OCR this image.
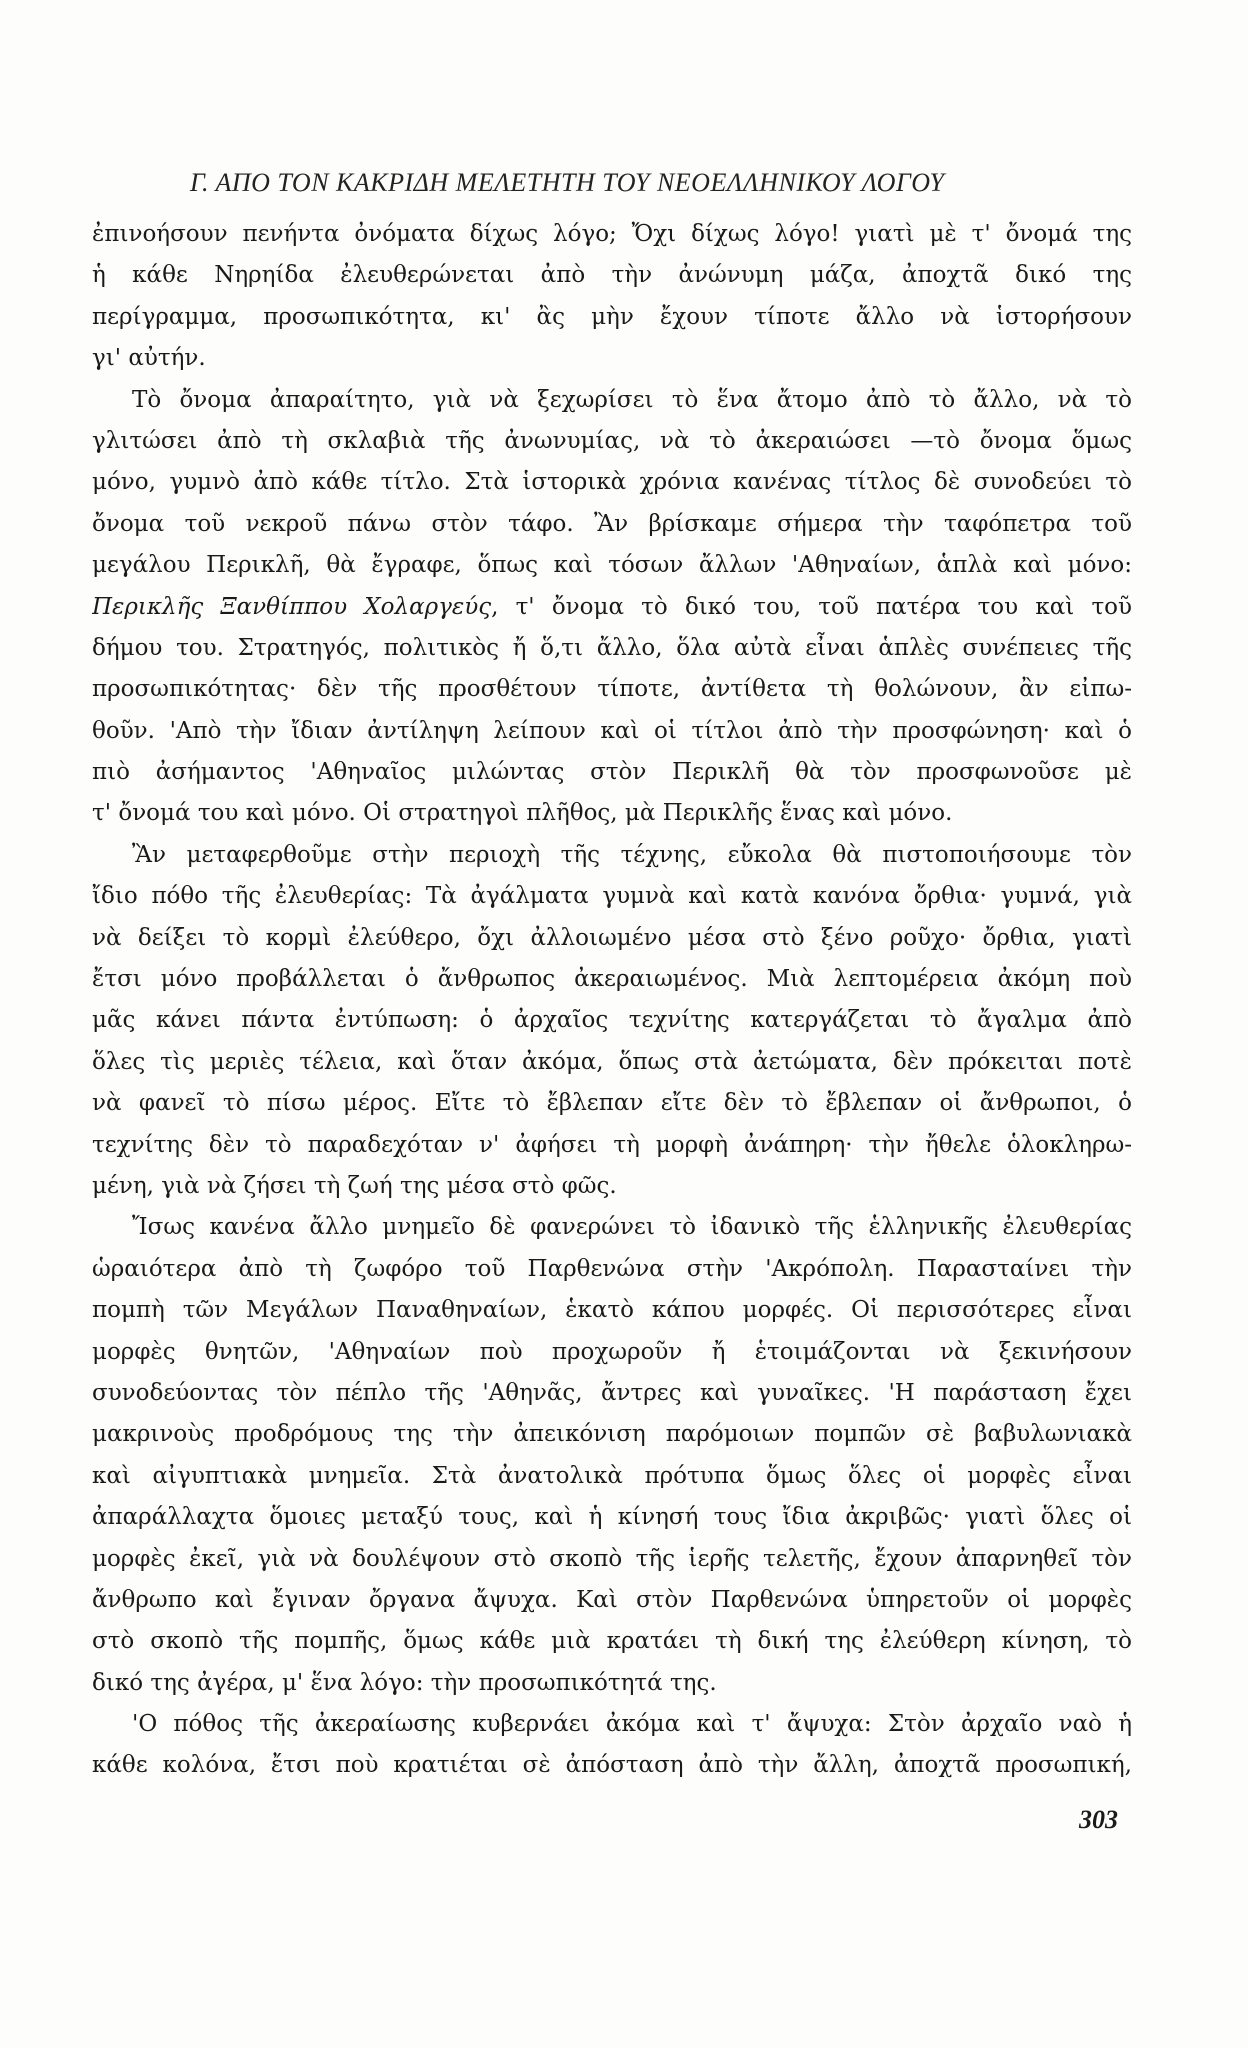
Γ. ΑΠΟ ΤΟΝ ΚΑΚΡΙΔΗ ΜΕΛΕΤΗΤΗ ΤΟΥ ΝΕΟΕΛΛΗΝΙΚΟΥ ΛΟΓΟΥ
ἐπινοήσουν πενήντα ὀνόματα δίχως λόγο; Ὄχι δίχως λόγο! γιατὶ μὲ τ' ὄνομά της
ἡ κάθε Νηρηίδα ἐλευθερώνεται ἀπὸ τὴν ἀνώνυμη μάζα, ἀποχτᾶ δικό της
περίγραμμα, προσωπικότητα, κι' ἂς μὴν ἔχουν τίποτε ἄλλο νὰ ἱστορήσουν
γι' αὐτήν.
Τὸ ὄνομα ἀπαραίτητο, γιὰ νὰ ξεχωρίσει τὸ ἕνα ἄτομο ἀπὸ τὸ ἄλλο, νὰ τὸ
γλιτώσει ἀπὸ τὴ σκλαβιὰ τῆς ἀνωνυμίας, νὰ τὸ ἀκεραιώσει —τὸ ὄνομα ὅμως
μόνο, γυμνὸ ἀπὸ κάθε τίτλο. Στὰ ἱστορικὰ χρόνια κανένας τίτλος δὲ συνοδεύει τὸ
ὄνομα τοῦ νεκροῦ πάνω στὸν τάφο. Ἂν βρίσκαμε σήμερα τὴν ταφόπετρα τοῦ
μεγάλου Περικλῆ, θὰ ἔγραφε, ὅπως καὶ τόσων ἄλλων 'Αθηναίων, ἁπλὰ καὶ μόνο:
Περικλῆς Ξανθίππου Χολαργεύς, τ' ὄνομα τὸ δικό του, τοῦ πατέρα του καὶ τοῦ
δήμου του. Στρατηγός, πολιτικὸς ἤ ὅ,τι ἄλλο, ὅλα αὐτὰ εἶναι ἁπλὲς συνέπειες τῆς
προσωπικότητας· δὲν τῆς προσθέτουν τίποτε, ἀντίθετα τὴ θολώνουν, ἂν εἰπω-
θοῦν. 'Απὸ τὴν ἴδιαν ἀντίληψη λείπουν καὶ οἱ τίτλοι ἀπὸ τὴν προσφώνηση· καὶ ὁ
πιὸ ἀσήμαντος 'Αθηναῖος μιλώντας στὸν Περικλῆ θὰ τὸν προσφωνοῦσε μὲ
τ' ὄνομά του καὶ μόνο. Οἱ στρατηγοὶ πλῆθος, μὰ Περικλῆς ἕνας καὶ μόνο.
Ἂν μεταφερθοῦμε στὴν περιοχὴ τῆς τέχνης, εὔκολα θὰ πιστοποιήσουμε τὸν
ἴδιο πόθο τῆς ἐλευθερίας: Τὰ ἀγάλματα γυμνὰ καὶ κατὰ κανόνα ὄρθια· γυμνά, γιὰ
νὰ δείξει τὸ κορμὶ ἐλεύθερο, ὄχι ἀλλοιωμένο μέσα στὸ ξένο ροῦχο· ὄρθια, γιατὶ
ἔτσι μόνο προβάλλεται ὁ ἄνθρωπος ἀκεραιωμένος. Μιὰ λεπτομέρεια ἀκόμη ποὺ
μᾶς κάνει πάντα ἐντύπωση: ὁ ἀρχαῖος τεχνίτης κατεργάζεται τὸ ἄγαλμα ἀπὸ
ὅλες τὶς μεριὲς τέλεια, καὶ ὅταν ἀκόμα, ὅπως στὰ ἀετώματα, δὲν πρόκειται ποτὲ
νὰ φανεῖ τὸ πίσω μέρος. Εἴτε τὸ ἔβλεπαν εἴτε δὲν τὸ ἔβλεπαν οἱ ἄνθρωποι, ὁ
τεχνίτης δὲν τὸ παραδεχόταν ν' ἀφήσει τὴ μορφὴ ἀνάπηρη· τὴν ἤθελε ὁλοκληρω-
μένη, γιὰ νὰ ζήσει τὴ ζωή της μέσα στὸ φῶς.
Ἴσως κανένα ἄλλο μνημεῖο δὲ φανερώνει τὸ ἰδανικὸ τῆς ἑλληνικῆς ἐλευθερίας
ὡραιότερα ἀπὸ τὴ ζωφόρο τοῦ Παρθενώνα στὴν 'Ακρόπολη. Παρασταίνει τὴν
πομπὴ τῶν Μεγάλων Παναθηναίων, ἑκατὸ κάπου μορφές. Οἱ περισσότερες εἶναι
μορφὲς θνητῶν, 'Αθηναίων ποὺ προχωροῦν ἤ ἑτοιμάζονται νὰ ξεκινήσουν
συνοδεύοντας τὸν πέπλο τῆς 'Αθηνᾶς, ἄντρες καὶ γυναῖκες. 'Η παράσταση ἔχει
μακρινοὺς προδρόμους της τὴν ἀπεικόνιση παρόμοιων πομπῶν σὲ βαβυλωνιακὰ
καὶ αἰγυπτιακὰ μνημεῖα. Στὰ ἀνατολικὰ πρότυπα ὅμως ὅλες οἱ μορφὲς εἶναι
ἀπαράλλαχτα ὅμοιες μεταξύ τους, καὶ ἡ κίνησή τους ἴδια ἀκριβῶς· γιατὶ ὅλες οἱ
μορφὲς ἐκεῖ, γιὰ νὰ δουλέψουν στὸ σκοπὸ τῆς ἱερῆς τελετῆς, ἔχουν ἀπαρνηθεῖ τὸν
ἄνθρωπο καὶ ἔγιναν ὄργανα ἄψυχα. Καὶ στὸν Παρθενώνα ὑπηρετοῦν οἱ μορφὲς
στὸ σκοπὸ τῆς πομπῆς, ὅμως κάθε μιὰ κρατάει τὴ δική της ἐλεύθερη κίνηση, τὸ
δικό της ἀγέρα, μ' ἕνα λόγο: τὴν προσωπικότητά της.
'Ο πόθος τῆς ἀκεραίωσης κυβερνάει ἀκόμα καὶ τ' ἄψυχα: Στὸν ἀρχαῖο ναὸ ἡ
κάθε κολόνα, ἔτσι ποὺ κρατιέται σὲ ἀπόσταση ἀπὸ τὴν ἄλλη, ἀποχτᾶ προσωπική,
303
